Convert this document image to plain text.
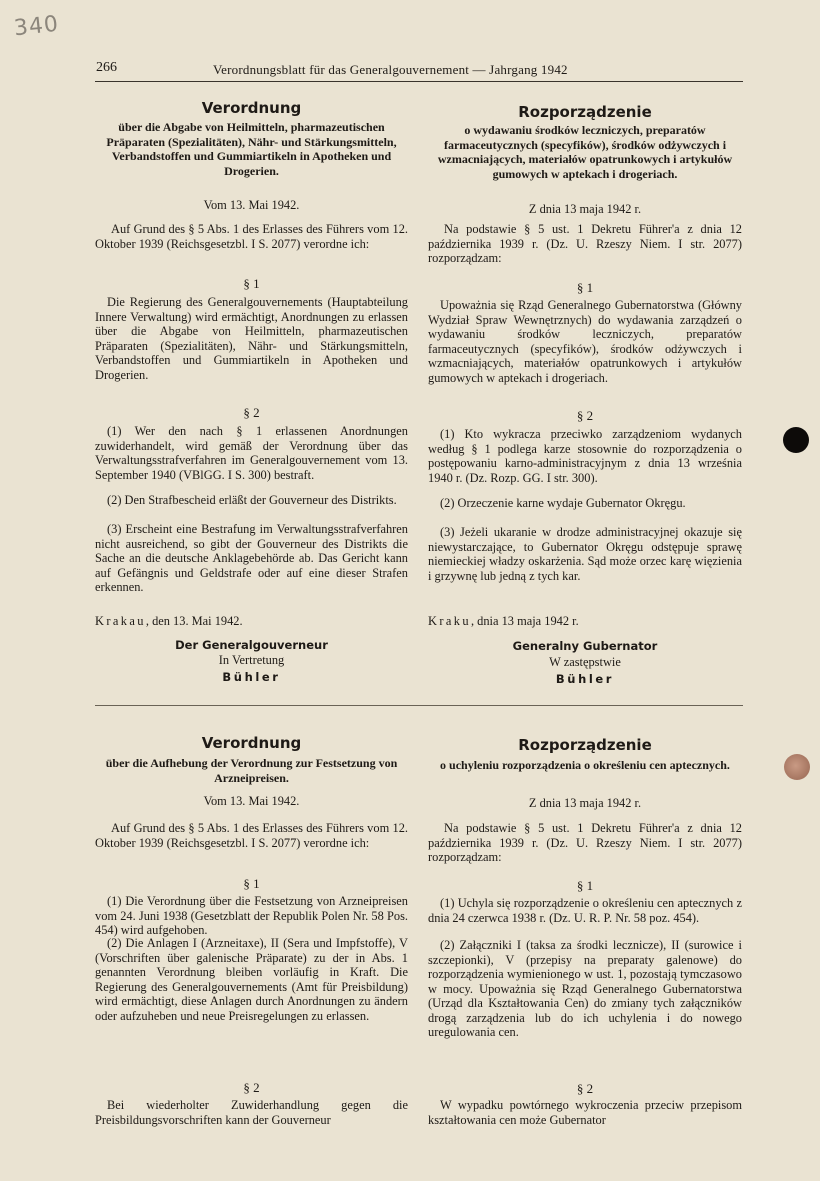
340
266	Verordnungsblatt für das Generalgouvernement — Jahrgang 1942
Verordnung
über die Abgabe von Heilmitteln, pharmazeutischen Präparaten (Spezialitäten), Nähr- und Stärkungsmitteln, Verbandstoffen und Gummiartikeln in Apotheken und Drogerien.
Vom 13. Mai 1942.
Auf Grund des § 5 Abs. 1 des Erlasses des Führers vom 12. Oktober 1939 (Reichsgesetzbl. I S. 2077) verordne ich:
§ 1
Die Regierung des Generalgouvernements (Hauptabteilung Innere Verwaltung) wird ermächtigt, Anordnungen zu erlassen über die Abgabe von Heilmitteln, pharmazeutischen Präparaten (Spezialitäten), Nähr- und Stärkungsmitteln, Verbandstoffen und Gummiartikeln in Apotheken und Drogerien.
§ 2
(1) Wer den nach § 1 erlassenen Anordnungen zuwiderhandelt, wird gemäß der Verordnung über das Verwaltungsstrafverfahren im Generalgouvernement vom 13. September 1940 (VBlGG. I S. 300) bestraft.
(2) Den Strafbescheid erläßt der Gouverneur des Distrikts.
(3) Erscheint eine Bestrafung im Verwaltungsstrafverfahren nicht ausreichend, so gibt der Gouverneur des Distrikts die Sache an die deutsche Anklagebehörde ab. Das Gericht kann auf Gefängnis und Geldstrafe oder auf eine dieser Strafen erkennen.
Krakau, den 13. Mai 1942.
Der Generalgouverneur
In Vertretung
Bühler
Rozporządzenie
o wydawaniu środków leczniczych, preparatów farmaceutycznych (specyfików), środków odżywczych i wzmacniających, materiałów opatrunkowych i artykułów gumowych w aptekach i drogeriach.
Z dnia 13 maja 1942 r.
Na podstawie § 5 ust. 1 Dekretu Führer'a z dnia 12 października 1939 r. (Dz. U. Rzeszy Niem. I str. 2077) rozporządzam:
§ 1
Upoważnia się Rząd Generalnego Gubernatorstwa (Główny Wydział Spraw Wewnętrznych) do wydawania zarządzeń o wydawaniu środków leczniczych, preparatów farmaceutycznych (specyfików), środków odżywczych i wzmacniających, materiałów opatrunkowych i artykułów gumowych w aptekach i drogeriach.
§ 2
(1) Kto wykracza przeciwko zarządzeniom wydanych według § 1 podlega karze stosownie do rozporządzenia o postępowaniu karno-administracyjnym z dnia 13 września 1940 r. (Dz. Rozp. GG. I str. 300).
(2) Orzeczenie karne wydaje Gubernator Okręgu.
(3) Jeżeli ukaranie w drodze administracyjnej okazuje się niewystarczające, to Gubernator Okręgu odstępuje sprawę niemieckiej władzy oskarżenia. Sąd może orzec karę więzienia i grzywnę lub jedną z tych kar.
Kraku, dnia 13 maja 1942 r.
Generalny Gubernator
W zastępstwie
Bühler
Verordnung
über die Aufhebung der Verordnung zur Festsetzung von Arzneipreisen.
Vom 13. Mai 1942.
Auf Grund des § 5 Abs. 1 des Erlasses des Führers vom 12. Oktober 1939 (Reichsgesetzbl. I S. 2077) verordne ich:
§ 1
(1) Die Verordnung über die Festsetzung von Arzneipreisen vom 24. Juni 1938 (Gesetzblatt der Republik Polen Nr. 58 Pos. 454) wird aufgehoben.
(2) Die Anlagen I (Arzneitaxe), II (Sera und Impfstoffe), V (Vorschriften über galenische Präparate) zu der in Abs. 1 genannten Verordnung bleiben vorläufig in Kraft. Die Regierung des Generalgouvernements (Amt für Preisbildung) wird ermächtigt, diese Anlagen durch Anordnungen zu ändern oder aufzuheben und neue Preisregelungen zu erlassen.
§ 2
Bei wiederholter Zuwiderhandlung gegen die Preisbildungsvorschriften kann der Gouverneur
Rozporządzenie
o uchyleniu rozporządzenia o określeniu cen aptecznych.
Z dnia 13 maja 1942 r.
Na podstawie § 5 ust. 1 Dekretu Führer'a z dnia 12 października 1939 r. (Dz. U. Rzeszy Niem. I str. 2077) rozporządzam:
§ 1
(1) Uchyla się rozporządzenie o określeniu cen aptecznych z dnia 24 czerwca 1938 r. (Dz. U. R. P. Nr. 58 poz. 454).
(2) Załączniki I (taksa za środki lecznicze), II (surowice i szczepionki), V (przepisy na preparaty galenowe) do rozporządzenia wymienionego w ust. 1, pozostają tymczasowo w mocy. Upoważnia się Rząd Generalnego Gubernatorstwa (Urząd dla Kształtowania Cen) do zmiany tych załączników drogą zarządzenia lub do ich uchylenia i do nowego uregulowania cen.
§ 2
W wypadku powtórnego wykroczenia przeciw przepisom kształtowania cen może Gubernator
